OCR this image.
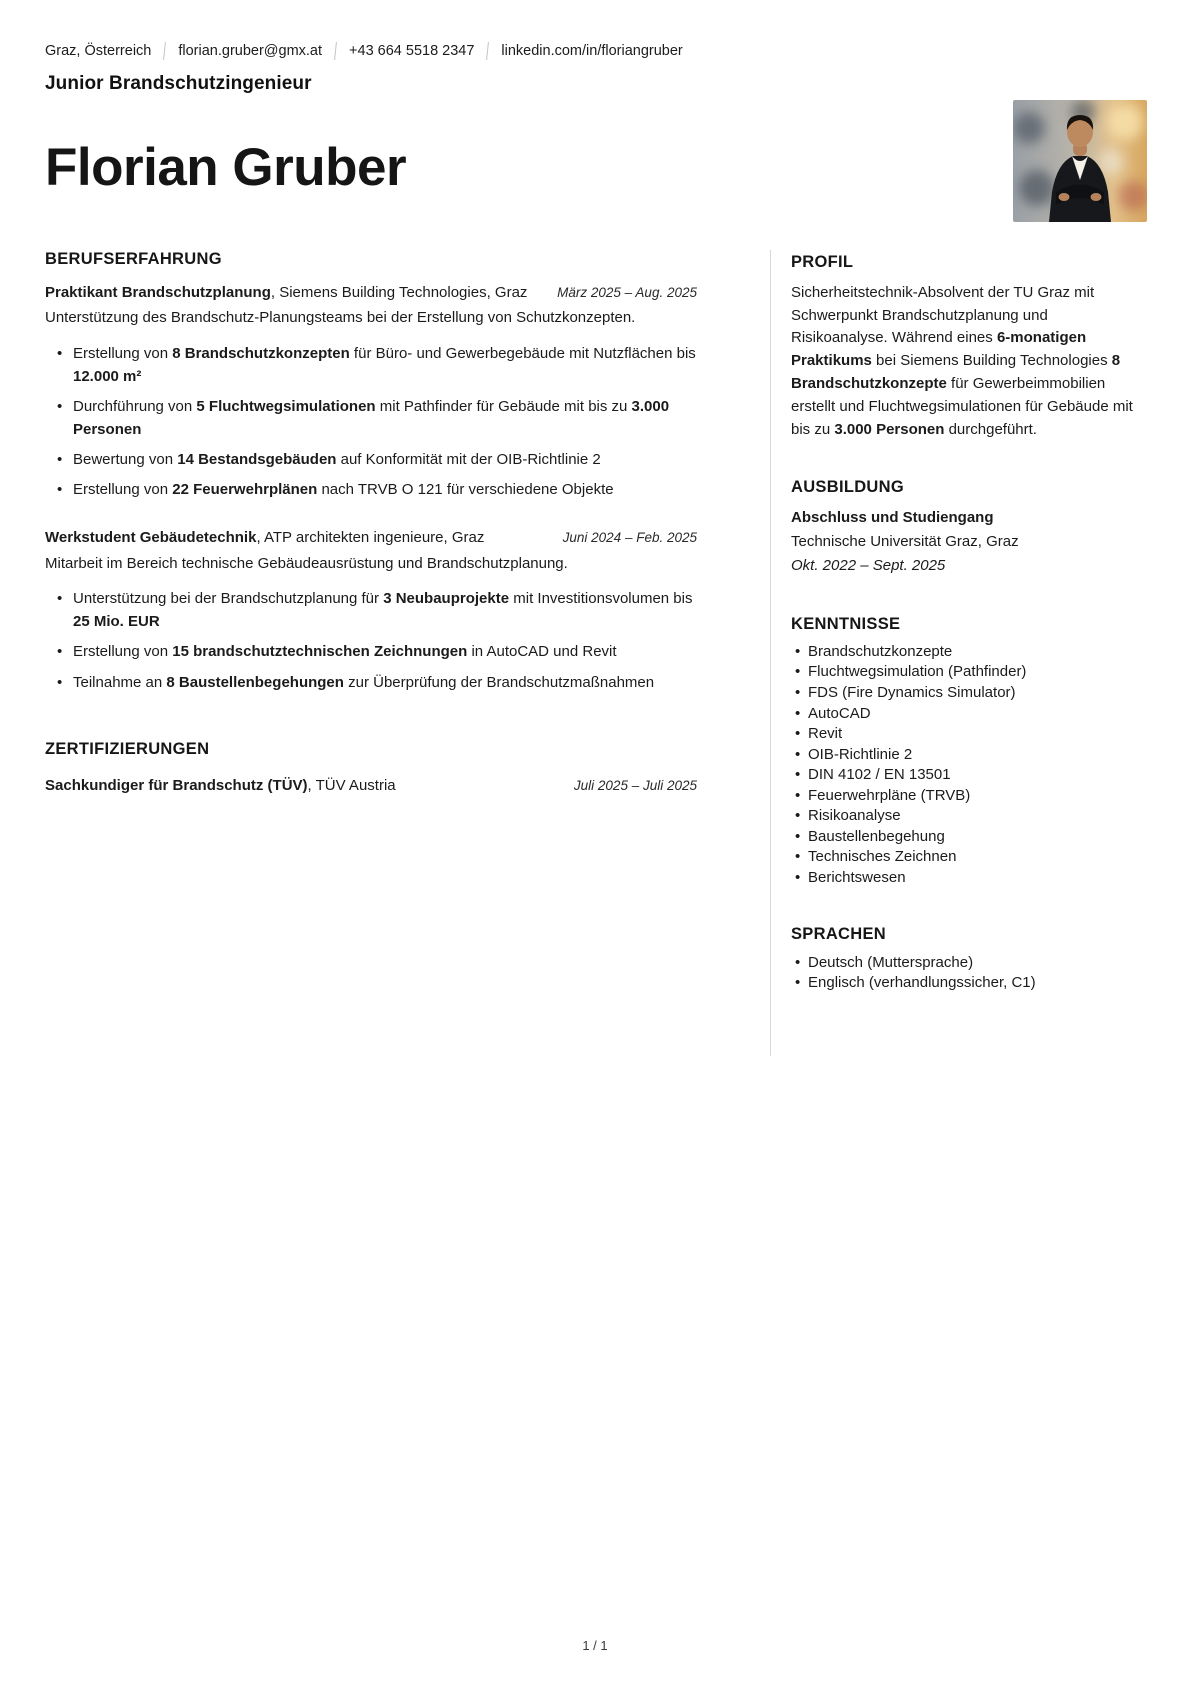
Graz, Österreich	florian.gruber@gmx.at	+43 664 5518 2347	linkedin.com/in/floriangruber
Junior Brandschutzingenieur
Florian Gruber
BERUFSERFAHRUNG
Praktikant Brandschutzplanung, Siemens Building Technologies, Graz März 2025 – Aug. 2025
Unterstützung des Brandschutz-Planungsteams bei der Erstellung von Schutzkonzepten.
• Erstellung von 8 Brandschutzkonzepten für Büro- und Gewerbegebäude mit Nutzflächen bis 12.000 m²
• Durchführung von 5 Fluchtwegsimulationen mit Pathfinder für Gebäude mit bis zu 3.000 Personen
• Bewertung von 14 Bestandsgebäuden auf Konformität mit der OIB-Richtlinie 2
• Erstellung von 22 Feuerwehrplänen nach TRVB O 121 für verschiedene Objekte
Werkstudent Gebäudetechnik, ATP architekten ingenieure, Graz	Juni 2024 – Feb. 2025
Mitarbeit im Bereich technische Gebäudeausrüstung und Brandschutzplanung.
• Unterstützung bei der Brandschutzplanung für 3 Neubauprojekte mit Investitionsvolumen bis 25 Mio. EUR
• Erstellung von 15 brandschutztechnischen Zeichnungen in AutoCAD und Revit
• Teilnahme an 8 Baustellenbegehungen zur Überprüfung der Brandschutzmaßnahmen
ZERTIFIZIERUNGEN
Sachkundiger für Brandschutz (TÜV), TÜV Austria	Juli 2025 – Juli 2025
PROFIL
Sicherheitstechnik-Absolvent der TU Graz mit Schwerpunkt Brandschutzplanung und Risikoanalyse. Während eines 6-monatigen Praktikums bei Siemens Building Technologies 8 Brandschutzkonzepte für Gewerbeimmobilien erstellt und Fluchtwegsimulationen für Gebäude mit bis zu 3.000 Personen durchgeführt.
AUSBILDUNG
Abschluss und Studiengang
Technische Universität Graz, Graz
Okt. 2022 – Sept. 2025
KENNTNISSE
• Brandschutzkonzepte
• Fluchtwegsimulation (Pathfinder)
• FDS (Fire Dynamics Simulator)
• AutoCAD
• Revit
• OIB-Richtlinie 2
• DIN 4102 / EN 13501
• Feuerwehrpläne (TRVB)
• Risikoanalyse
• Baustellenbegehung
• Technisches Zeichnen
• Berichtswesen
SPRACHEN
• Deutsch (Muttersprache)
• Englisch (verhandlungssicher, C1)
1 / 1
